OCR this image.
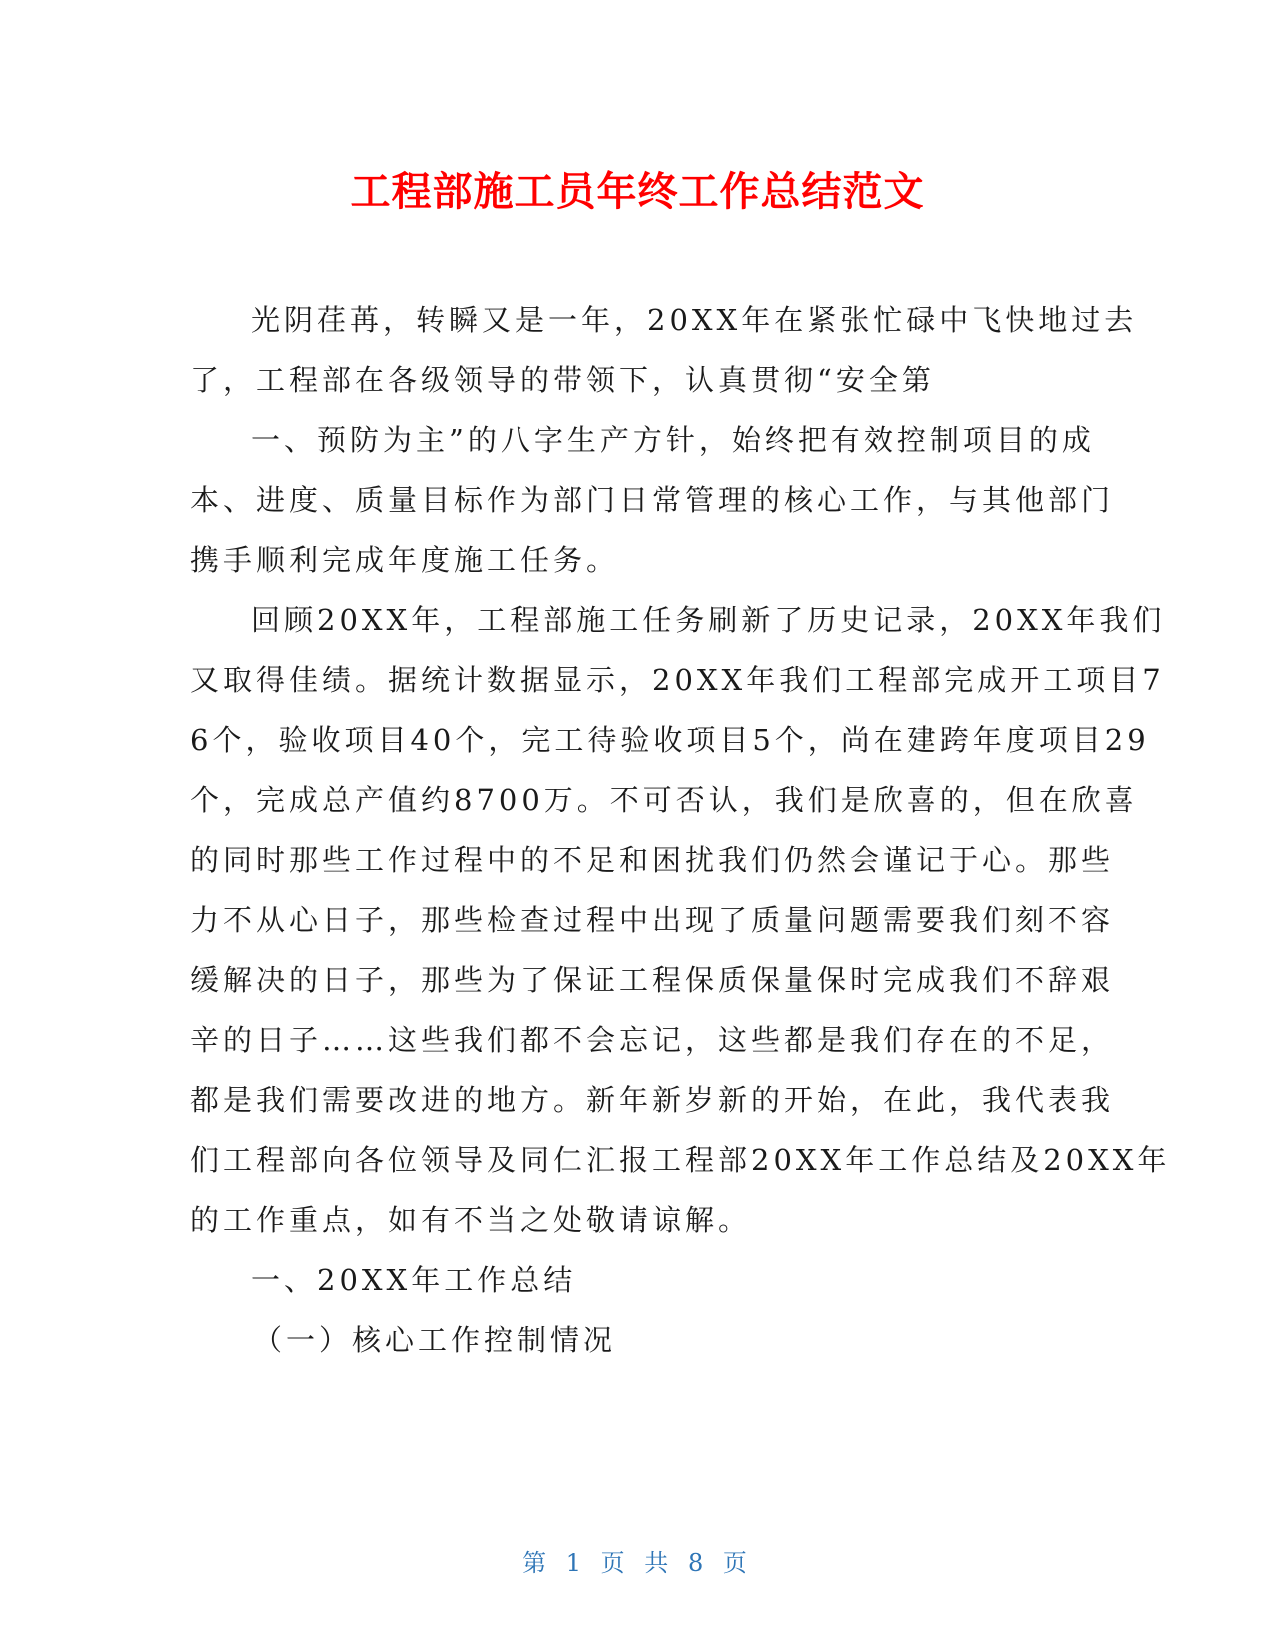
工程部施工员年终工作总结范文
光阴荏苒，转瞬又是一年，20XX年在紧张忙碌中飞快地过去
了，工程部在各级领导的带领下，认真贯彻“安全第
一、预防为主”的八字生产方针，始终把有效控制项目的成
本、进度、质量目标作为部门日常管理的核心工作，与其他部门
携手顺利完成年度施工任务。
回顾20XX年，工程部施工任务刷新了历史记录，20XX年我们
又取得佳绩。据统计数据显示，20XX年我们工程部完成开工项目7
6个，验收项目40个，完工待验收项目5个，尚在建跨年度项目29
个，完成总产值约8700万。不可否认，我们是欣喜的，但在欣喜
的同时那些工作过程中的不足和困扰我们仍然会谨记于心。那些
力不从心日子，那些检查过程中出现了质量问题需要我们刻不容
缓解决的日子，那些为了保证工程保质保量保时完成我们不辞艰
辛的日子……这些我们都不会忘记，这些都是我们存在的不足，
都是我们需要改进的地方。新年新岁新的开始，在此，我代表我
们工程部向各位领导及同仁汇报工程部20XX年工作总结及20XX年
的工作重点，如有不当之处敬请谅解。
一、20XX年工作总结
（一）核心工作控制情况
第 1 页 共 8 页
